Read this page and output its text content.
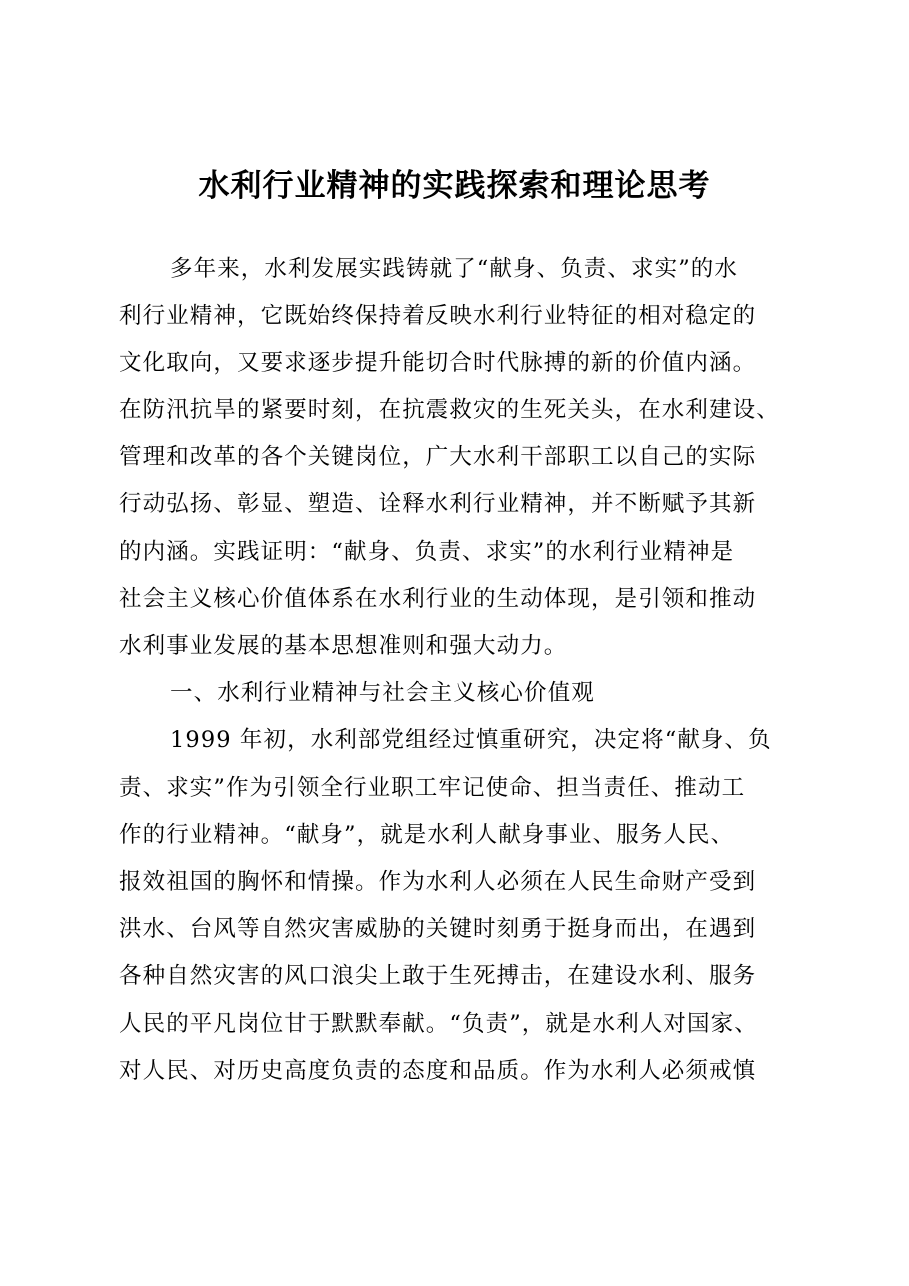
水利行业精神的实践探索和理论思考
多年来，水利发展实践铸就了“献身、负责、求实”的水
利行业精神，它既始终保持着反映水利行业特征的相对稳定的
文化取向，又要求逐步提升能切合时代脉搏的新的价值内涵。
在防汛抗旱的紧要时刻，在抗震救灾的生死关头，在水利建设、
管理和改革的各个关键岗位，广大水利干部职工以自己的实际
行动弘扬、彰显、塑造、诠释水利行业精神，并不断赋予其新
的内涵。实践证明：“献身、负责、求实”的水利行业精神是
社会主义核心价值体系在水利行业的生动体现，是引领和推动
水利事业发展的基本思想准则和强大动力。
一、水利行业精神与社会主义核心价值观
1999 年初，水利部党组经过慎重研究，决定将“献身、负
责、求实”作为引领全行业职工牢记使命、担当责任、推动工
作的行业精神。“献身”，就是水利人献身事业、服务人民、
报效祖国的胸怀和情操。作为水利人必须在人民生命财产受到
洪水、台风等自然灾害威胁的关键时刻勇于挺身而出，在遇到
各种自然灾害的风口浪尖上敢于生死搏击，在建设水利、服务
人民的平凡岗位甘于默默奉献。“负责”，就是水利人对国家、
对人民、对历史高度负责的态度和品质。作为水利人必须戒慎
